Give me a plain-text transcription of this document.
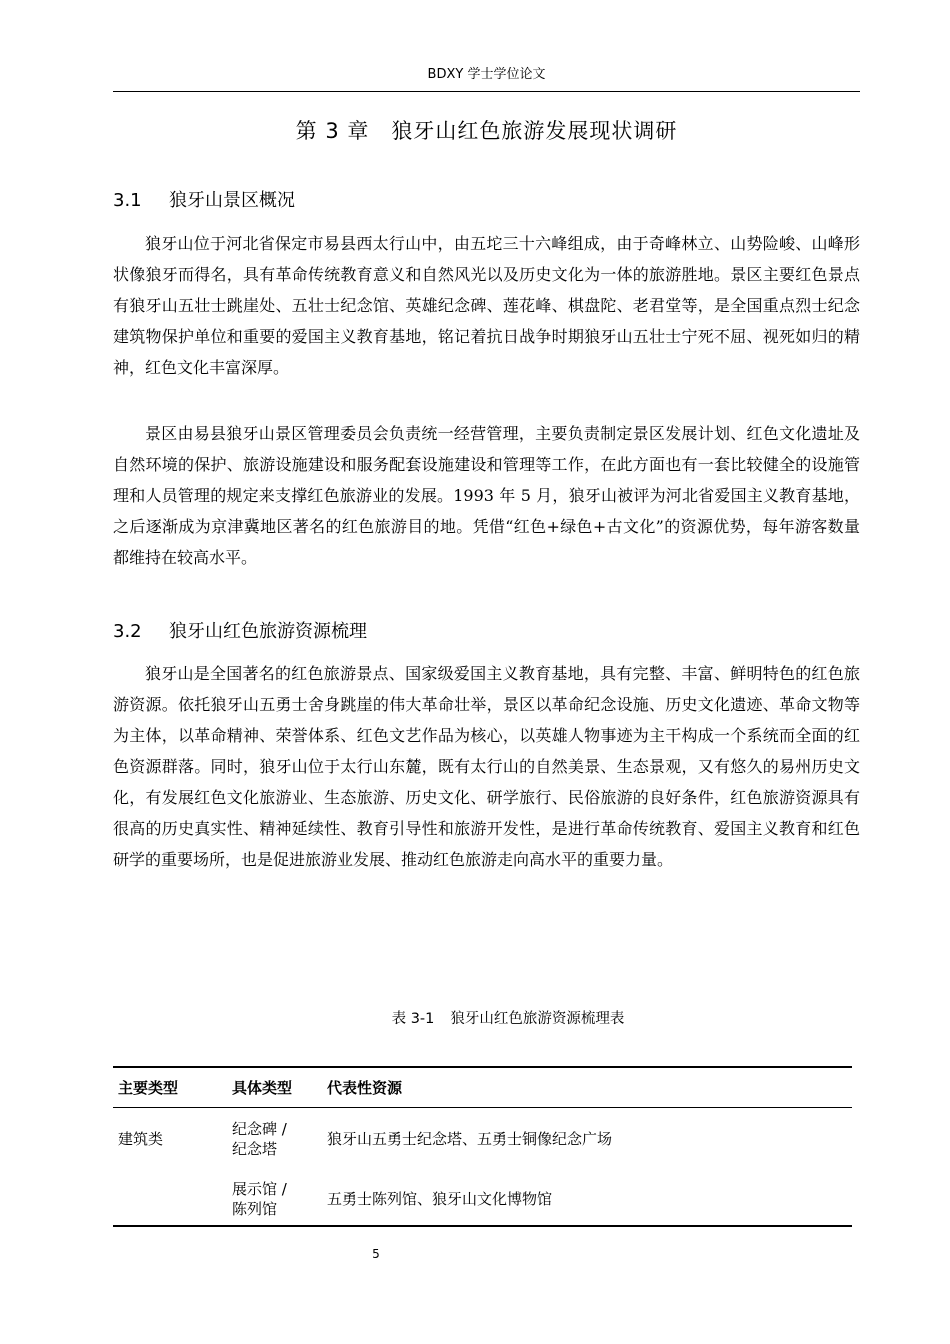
BDXY 学士学位论文
第 3 章　狼牙山红色旅游发展现状调研
3.1 狼牙山景区概况

狼牙山位于河北省保定市易县西太行山中，由五坨三十六峰组成，由于奇峰林立、山势险峻、山峰形状像狼牙而得名，具有革命传统教育意义和自然风光以及历史文化为一体的旅游胜地。景区主要红色景点有狼牙山五壮士跳崖处、五壮士纪念馆、英雄纪念碑、莲花峰、棋盘陀、老君堂等，是全国重点烈士纪念建筑物保护单位和重要的爱国主义教育基地，铭记着抗日战争时期狼牙山五壮士宁死不屈、视死如归的精神，红色文化丰富深厚。

景区由易县狼牙山景区管理委员会负责统一经营管理，主要负责制定景区发展计划、红色文化遗址及自然环境的保护、旅游设施建设和服务配套设施建设和管理等工作，在此方面也有一套比较健全的设施管理和人员管理的规定来支撑红色旅游业的发展。1993 年 5 月，狼牙山被评为河北省爱国主义教育基地，之后逐渐成为京津冀地区著名的红色旅游目的地。凭借“红色+绿色+古文化”的资源优势，每年游客数量都维持在较高水平。

3.2 狼牙山红色旅游资源梳理

狼牙山是全国著名的红色旅游景点、国家级爱国主义教育基地，具有完整、丰富、鲜明特色的红色旅游资源。依托狼牙山五勇士舍身跳崖的伟大革命壮举，景区以革命纪念设施、历史文化遗迹、革命文物等为主体，以革命精神、荣誉体系、红色文艺作品为核心，以英雄人物事迹为主干构成一个系统而全面的红色资源群落。同时，狼牙山位于太行山东麓，既有太行山的自然美景、生态景观，又有悠久的易州历史文化，有发展红色文化旅游业、生态旅游、历史文化、研学旅行、民俗旅游的良好条件，红色旅游资源具有很高的历史真实性、精神延续性、教育引导性和旅游开发性，是进行革命传统教育、爱国主义教育和红色研学的重要场所，也是促进旅游业发展、推动红色旅游走向高水平的重要力量。

表 3-1 狼牙山红色旅游资源梳理表
主要类型	具体类型 代表性资源
建筑类
纪念碑 /
纪念塔
狼牙山五勇士纪念塔、五勇士铜像纪念广场
展示馆 /
陈列馆
五勇士陈列馆、狼牙山文化博物馆
5
